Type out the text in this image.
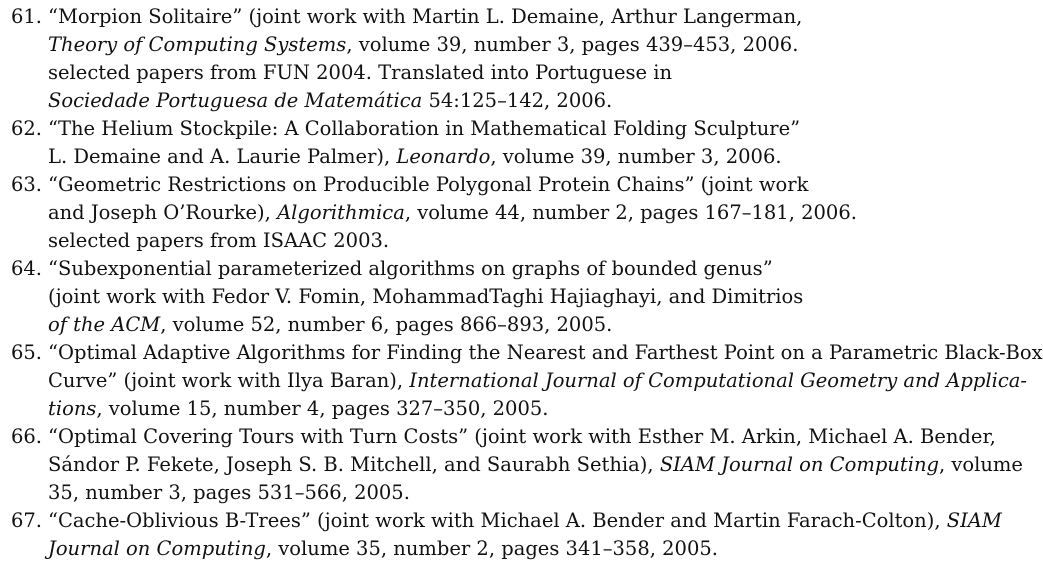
61. “Morpion Solitaire” (joint work with Martin L. Demaine, Arthur Langerman,
Theory of Computing Systems, volume 39, number 3, pages 439–453, 2006.
selected papers from FUN 2004. Translated into Portuguese in
Sociedade Portuguesa de Matemática 54:125–142, 2006.
62. “The Helium Stockpile: A Collaboration in Mathematical Folding Sculpture”
L. Demaine and A. Laurie Palmer), Leonardo, volume 39, number 3, 2006.
63. “Geometric Restrictions on Producible Polygonal Protein Chains” (joint work
and Joseph O’Rourke), Algorithmica, volume 44, number 2, pages 167–181, 2006.
selected papers from ISAAC 2003.
64. “Subexponential parameterized algorithms on graphs of bounded genus”
(joint work with Fedor V. Fomin, MohammadTaghi Hajiaghayi, and Dimitrios
of the ACM, volume 52, number 6, pages 866–893, 2005.
65. “Optimal Adaptive Algorithms for Finding the Nearest and Farthest Point on a Parametric Black-Box
Curve” (joint work with Ilya Baran), International Journal of Computational Geometry and Applica-
tions, volume 15, number 4, pages 327–350, 2005.
66. “Optimal Covering Tours with Turn Costs” (joint work with Esther M. Arkin, Michael A. Bender,
Sándor P. Fekete, Joseph S. B. Mitchell, and Saurabh Sethia), SIAM Journal on Computing, volume
35, number 3, pages 531–566, 2005.
67. “Cache-Oblivious B-Trees” (joint work with Michael A. Bender and Martin Farach-Colton), SIAM
Journal on Computing, volume 35, number 2, pages 341–358, 2005.
